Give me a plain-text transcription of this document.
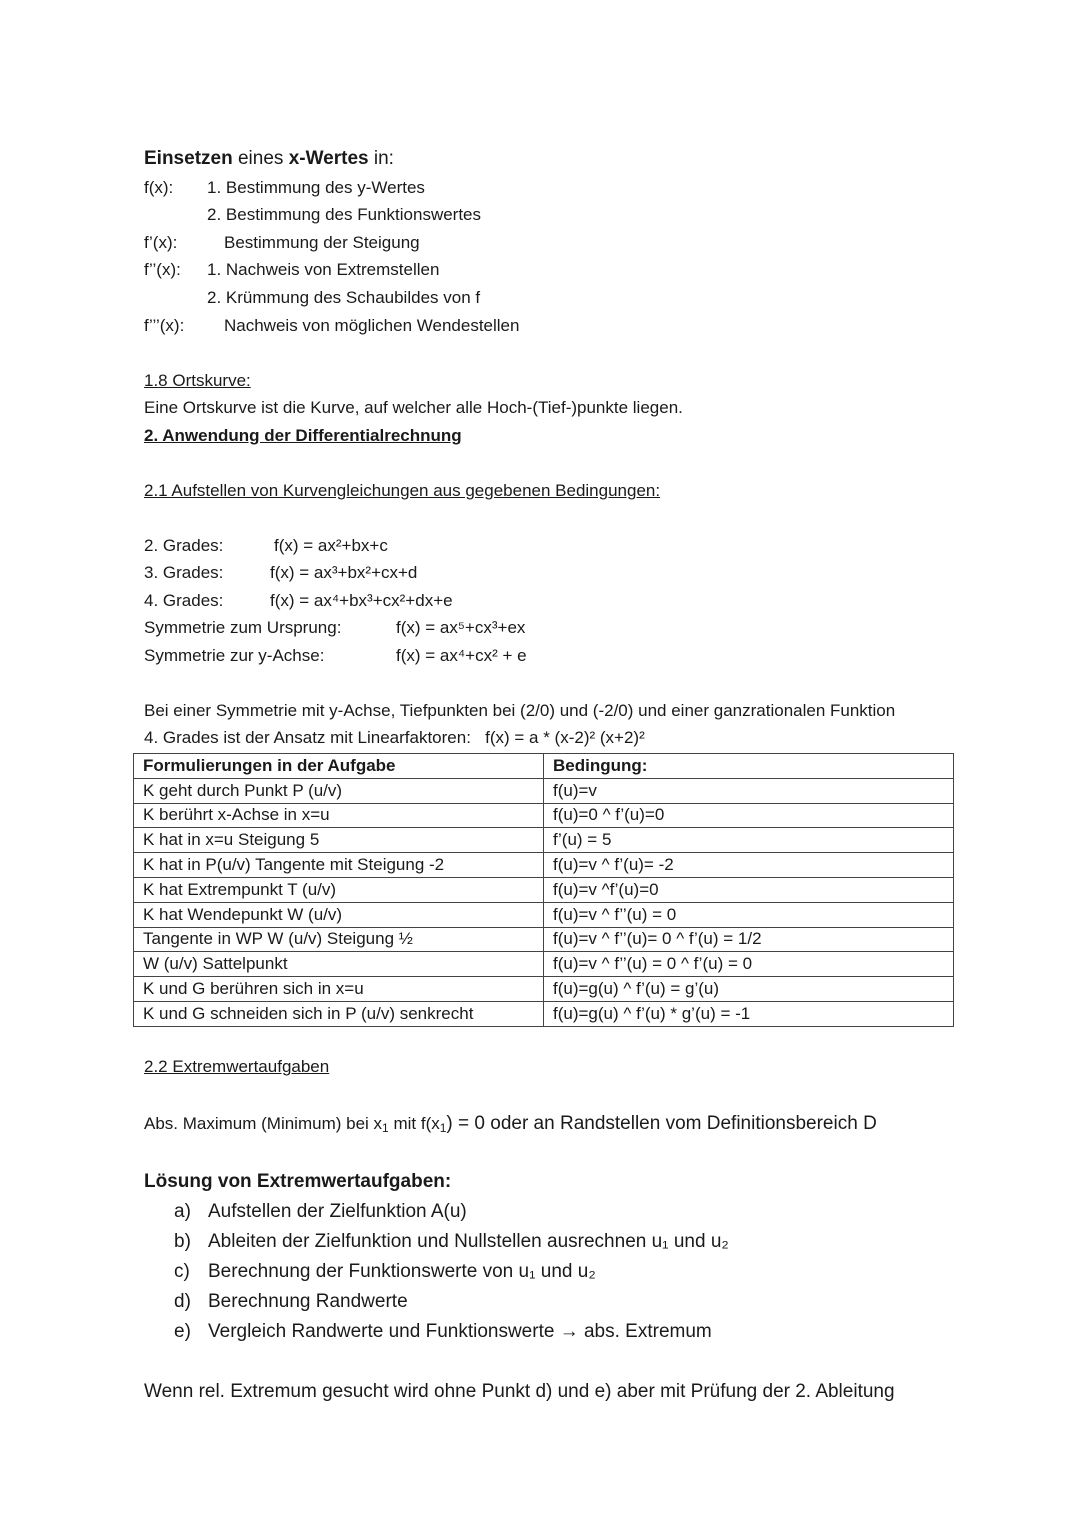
Einsetzen eines x-Wertes in:
f(x): 1. Bestimmung des y-Wertes
2. Bestimmung des Funktionswertes
f’(x):	Bestimmung der Steigung
f’’(x): 1. Nachweis von Extremstellen
2. Krümmung des Schaubildes von f
f’’’(x): Nachweis von möglichen Wendestellen
1.8 Ortskurve:
Eine Ortskurve ist die Kurve, auf welcher alle Hoch-(Tief-)punkte liegen.
2. Anwendung der Differentialrechnung
2.1 Aufstellen von Kurvengleichungen aus gegebenen Bedingungen:
2. Grades:	f(x) = ax²+bx+c
3. Grades:	f(x) = ax³+bx²+cx+d
4. Grades:	f(x) = ax⁴+bx³+cx²+dx+e
Symmetrie zum Ursprung:	f(x) = ax⁵+cx³+ex
Symmetrie zur y-Achse:	f(x) = ax⁴+cx² + e
Bei einer Symmetrie mit y-Achse, Tiefpunkten bei (2/0) und (-2/0) und einer ganzrationalen Funktion
4. Grades ist der Ansatz mit Linearfaktoren:   f(x) = a * (x-2)² (x+2)²
Formulierungen in der Aufgabe	Bedingung:
K geht durch Punkt P (u/v)	f(u)=v
K berührt x-Achse in x=u	f(u)=0 ^ f’(u)=0
K hat in x=u Steigung 5	f’(u) = 5
K hat in P(u/v) Tangente mit Steigung -2	f(u)=v ^ f’(u)= -2
K hat Extrempunkt T (u/v)	f(u)=v ^f’(u)=0
K hat Wendepunkt W (u/v)	f(u)=v ^ f’’(u) = 0
Tangente in WP W (u/v) Steigung ½	f(u)=v ^ f’’(u)= 0 ^ f’(u) = 1/2
W (u/v) Sattelpunkt	f(u)=v ^ f’’(u) = 0 ^ f’(u) = 0
K und G berühren sich in x=u	f(u)=g(u) ^ f’(u) = g’(u)
K und G schneiden sich in P (u/v) senkrecht	f(u)=g(u) ^ f’(u) * g’(u) = -1
2.2 Extremwertaufgaben
Abs. Maximum (Minimum) bei $x_1$ mit $f(x_1) = 0$ oder an Randstellen vom Definitionsbereich D
Lösung von Extremwertaufgaben:
a) Aufstellen der Zielfunktion A(u)
b) Ableiten der Zielfunktion und Nullstellen ausrechnen u₁ und u₂
c) Berechnung der Funktionswerte von u₁ und u₂
d) Berechnung Randwerte
e) Vergleich Randwerte und Funktionswerte → abs. Extremum
Wenn rel. Extremum gesucht wird ohne Punkt d) und e) aber mit Prüfung der 2. Ableitung
